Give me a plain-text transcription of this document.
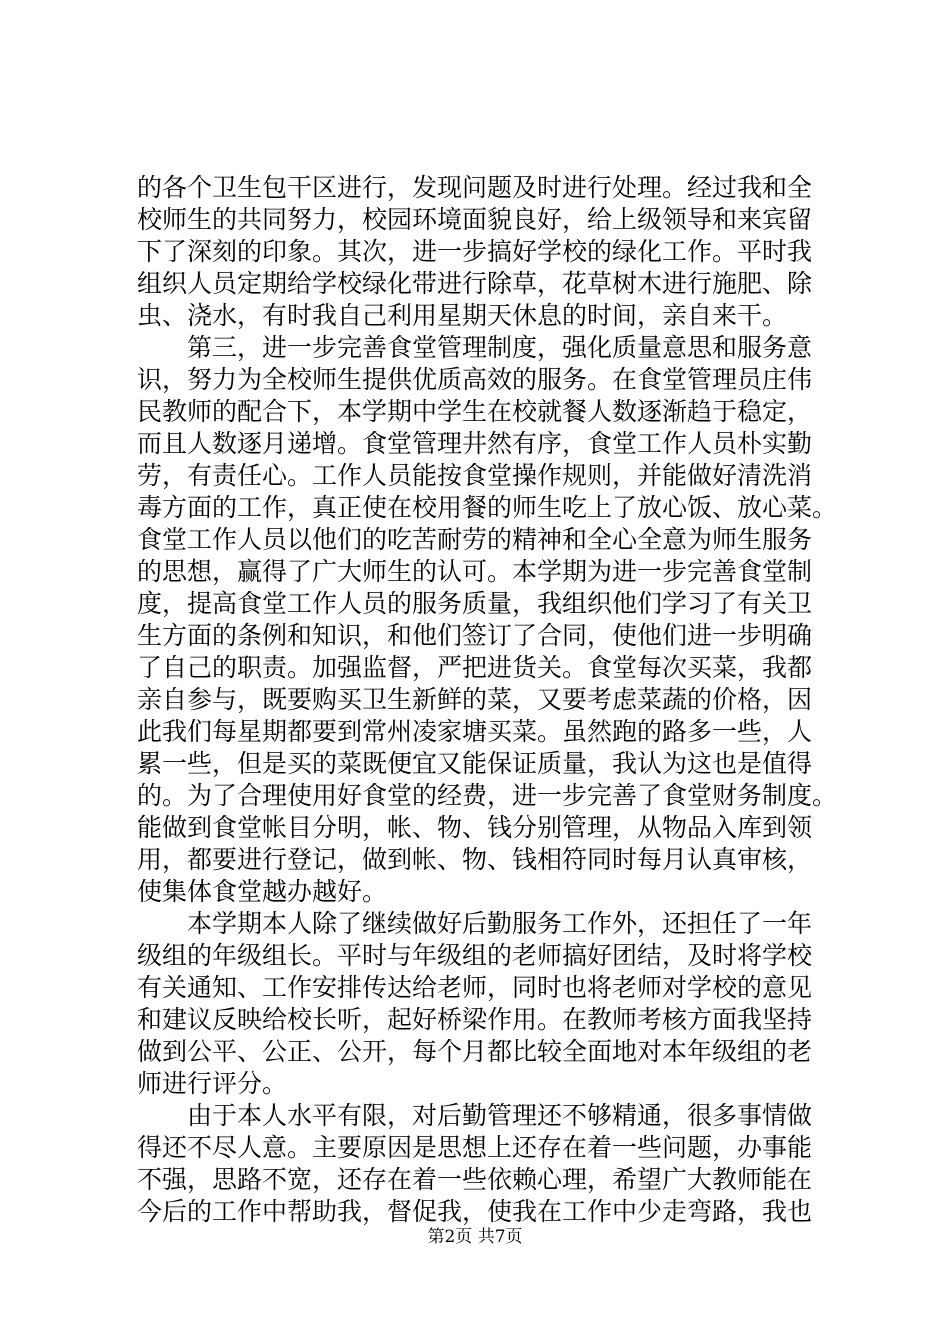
的各个卫生包干区进行，发现问题及时进行处理。经过我和全
校师生的共同努力，校园环境面貌良好，给上级领导和来宾留
下了深刻的印象。其次，进一步搞好学校的绿化工作。平时我
组织人员定期给学校绿化带进行除草，花草树木进行施肥、除
虫、浇水，有时我自己利用星期天休息的时间，亲自来干。
　　第三，进一步完善食堂管理制度，强化质量意思和服务意
识，努力为全校师生提供优质高效的服务。在食堂管理员庄伟
民教师的配合下，本学期中学生在校就餐人数逐渐趋于稳定，
而且人数逐月递增。食堂管理井然有序，食堂工作人员朴实勤
劳，有责任心。工作人员能按食堂操作规则，并能做好清洗消
毒方面的工作，真正使在校用餐的师生吃上了放心饭、放心菜。
食堂工作人员以他们的吃苦耐劳的精神和全心全意为师生服务
的思想，赢得了广大师生的认可。本学期为进一步完善食堂制
度，提高食堂工作人员的服务质量，我组织他们学习了有关卫
生方面的条例和知识，和他们签订了合同，使他们进一步明确
了自己的职责。加强监督，严把进货关。食堂每次买菜，我都
亲自参与，既要购买卫生新鲜的菜，又要考虑菜蔬的价格，因
此我们每星期都要到常州凌家塘买菜。虽然跑的路多一些，人
累一些，但是买的菜既便宜又能保证质量，我认为这也是值得
的。为了合理使用好食堂的经费，进一步完善了食堂财务制度。
能做到食堂帐目分明，帐、物、钱分别管理，从物品入库到领
用，都要进行登记，做到帐、物、钱相符同时每月认真审核，
使集体食堂越办越好。
　　本学期本人除了继续做好后勤服务工作外，还担任了一年
级组的年级组长。平时与年级组的老师搞好团结，及时将学校
有关通知、工作安排传达给老师，同时也将老师对学校的意见
和建议反映给校长听，起好桥梁作用。在教师考核方面我坚持
做到公平、公正、公开，每个月都比较全面地对本年级组的老
师进行评分。
　　由于本人水平有限，对后勤管理还不够精通，很多事情做
得还不尽人意。主要原因是思想上还存在着一些问题，办事能
不强，思路不宽，还存在着一些依赖心理，希望广大教师能在
今后的工作中帮助我，督促我，使我在工作中少走弯路，我也
第2页 共7页
